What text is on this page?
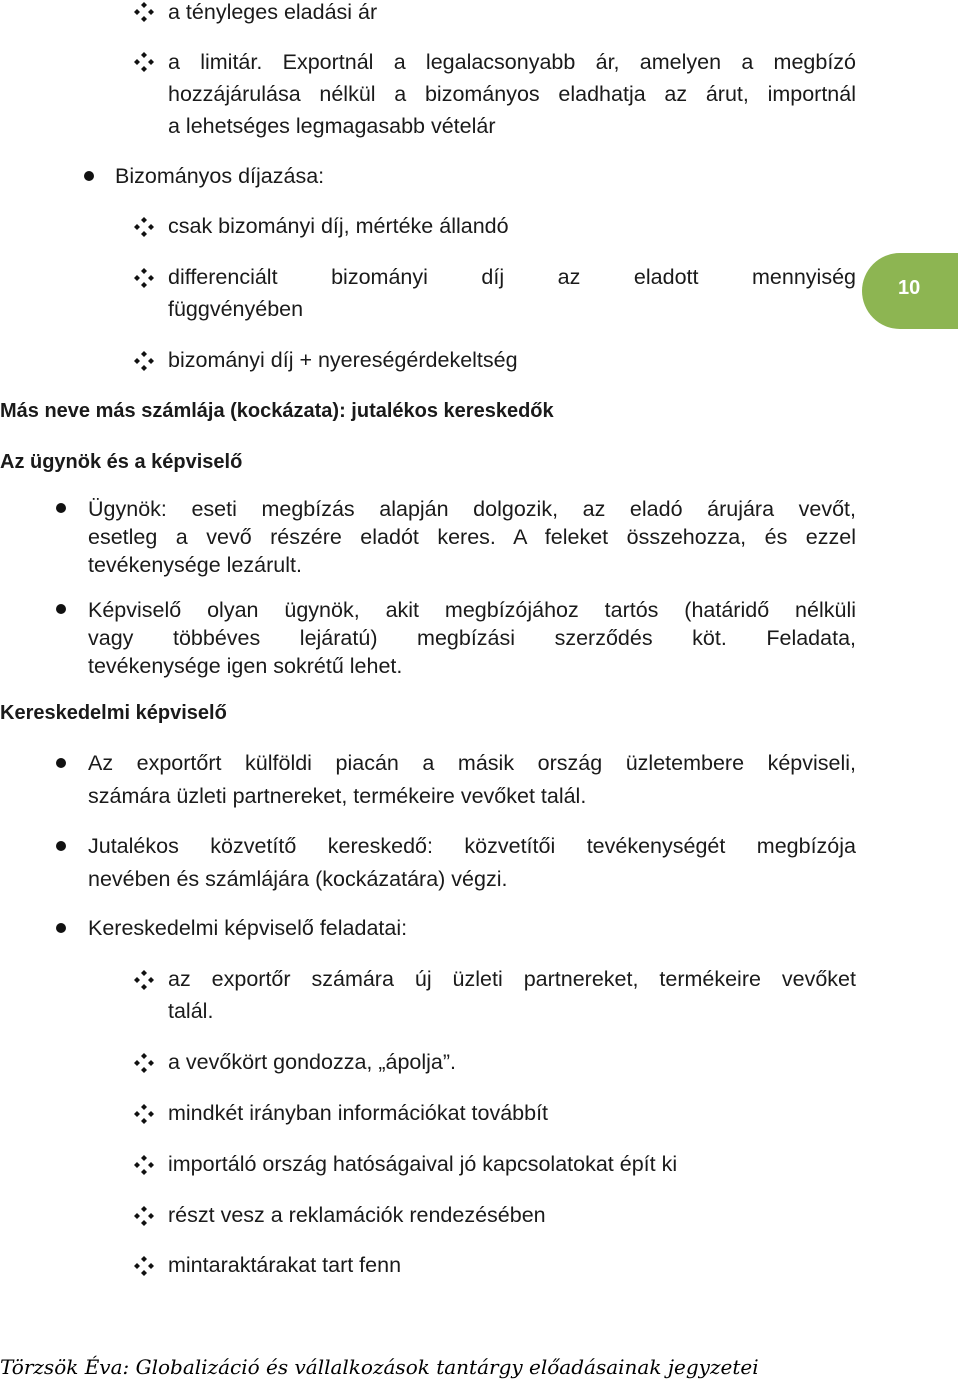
a tényleges eladási ár
a limitár. Exportnál a legalacsonyabb ár, amelyen a megbízó
hozzájárulása nélkül a bizományos eladhatja az árut, importnál
a lehetséges legmagasabb vételár
Bizományos díjazása:
csak bizományi díj, mértéke állandó
differenciált bizományi díj az eladott mennyiség
függvényében
bizományi díj + nyereségérdekeltség
10
Más neve más számlája (kockázata): jutalékos kereskedők
Az ügynök és a képviselő
Ügynök: eseti megbízás alapján dolgozik, az eladó árujára vevőt,
esetleg a vevő részére eladót keres. A feleket összehozza, és ezzel
tevékenysége lezárult.
Képviselő olyan ügynök, akit megbízójához tartós (határidő nélküli
vagy többéves lejáratú) megbízási szerződés köt. Feladata,
tevékenysége igen sokrétű lehet.
Kereskedelmi képviselő
Az exportőrt külföldi piacán a másik ország üzletembere képviseli,
számára üzleti partnereket, termékeire vevőket talál.
Jutalékos közvetítő kereskedő: közvetítői tevékenységét megbízója
nevében és számlájára (kockázatára) végzi.
Kereskedelmi képviselő feladatai:
az exportőr számára új üzleti partnereket, termékeire vevőket
talál.
a vevőkört gondozza, „ápolja”.
mindkét irányban információkat továbbít
importáló ország hatóságaival jó kapcsolatokat épít ki
részt vesz a reklamációk rendezésében
mintaraktárakat tart fenn
Törzsök Éva: Globalizáció és vállalkozások tantárgy előadásainak jegyzetei
